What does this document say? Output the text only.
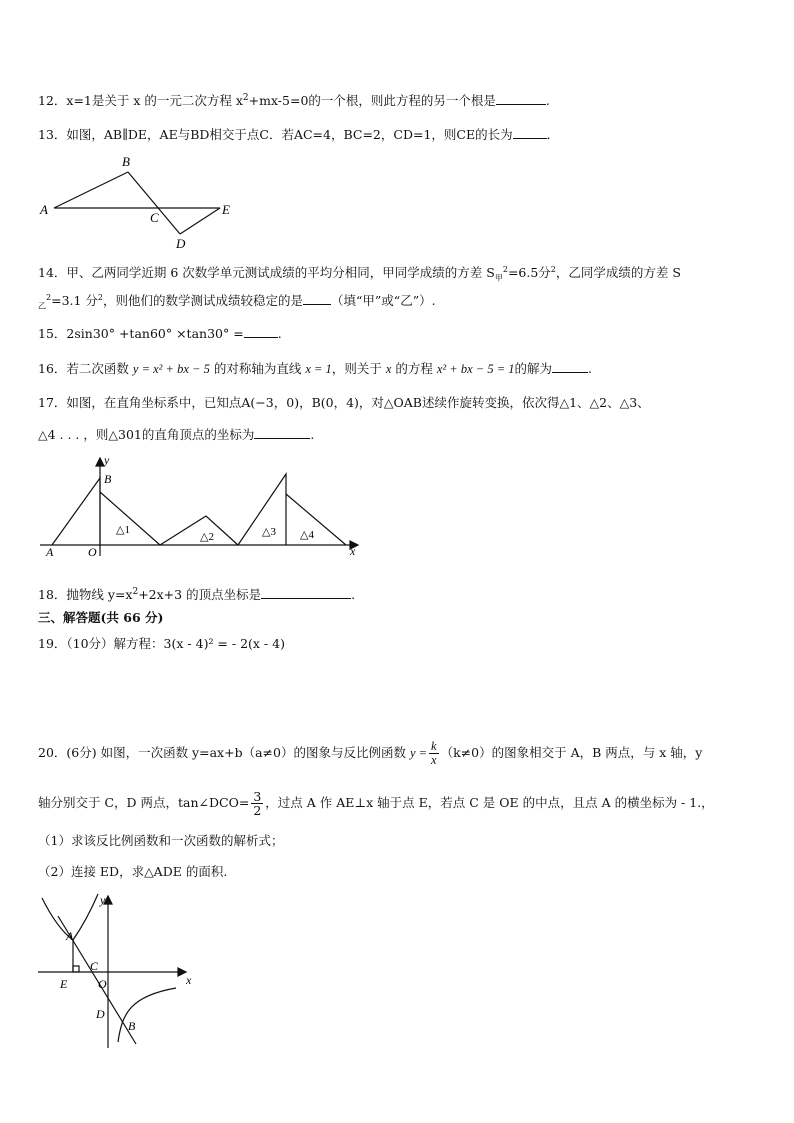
12．x=1是关于 x 的一元二次方程 $x^2+mx-5=0$的一个根，则此方程的另一个根是	.
13．如图，AB∥DE，AE与BD相交于点C．若AC=4，BC=2，CD=1，则CE的长为	．
A
B
C
D
E
14．甲、乙两同学近期 6 次数学单元测试成绩的平均分相同，甲同学成绩的方差 $S_甲^2=6.5$分$^2$，乙同学成绩的方差 S
$_乙^2$=3.1 分$^2$，则他们的数学测试成绩较稳定的是 （填“甲”或“乙”）.
15．2sin30° +tan60° ×tan30° =	.
16．若二次函数 y = x² + bx − 5 的对称轴为直线 x = 1，则关于 x 的方程 x² + bx − 5 = 1的解为	.
17．如图，在直角坐标系中，已知点A(−3，0)，B(0，4)，对△OAB述续作旋转变换，依次得△1、△2、△3、
△4 . . . ，则△301的直角顶点的坐标为	.
y
x
B
A	O
△1
△2	△3 △4
18．抛物线 $y=x^2+2x+3$ 的顶点坐标是	.
三、解答题(共 66 分)
19．（10分）解方程：3(x - 4)² = - 2(x - 4)
20．(6分) 如图，一次函数 y=ax+b（a≠0）的图象与反比例函数 $y = \frac{k}{x} (k\ne 0)$的图象相交于 A，B 两点，与 x 轴，y
轴分别交于 C，D 两点，tan∠DCO= $\frac{3}{2}$ ，过点 A 作 AE⊥x 轴于点 E，若点 C 是 OE 的中点，且点 A 的横坐标为 - 1.，
（1）求该反比例函数和一次函数的解析式；
（2）连接 ED，求△ADE 的面积.
y
x
A
C
E	O
D
B
